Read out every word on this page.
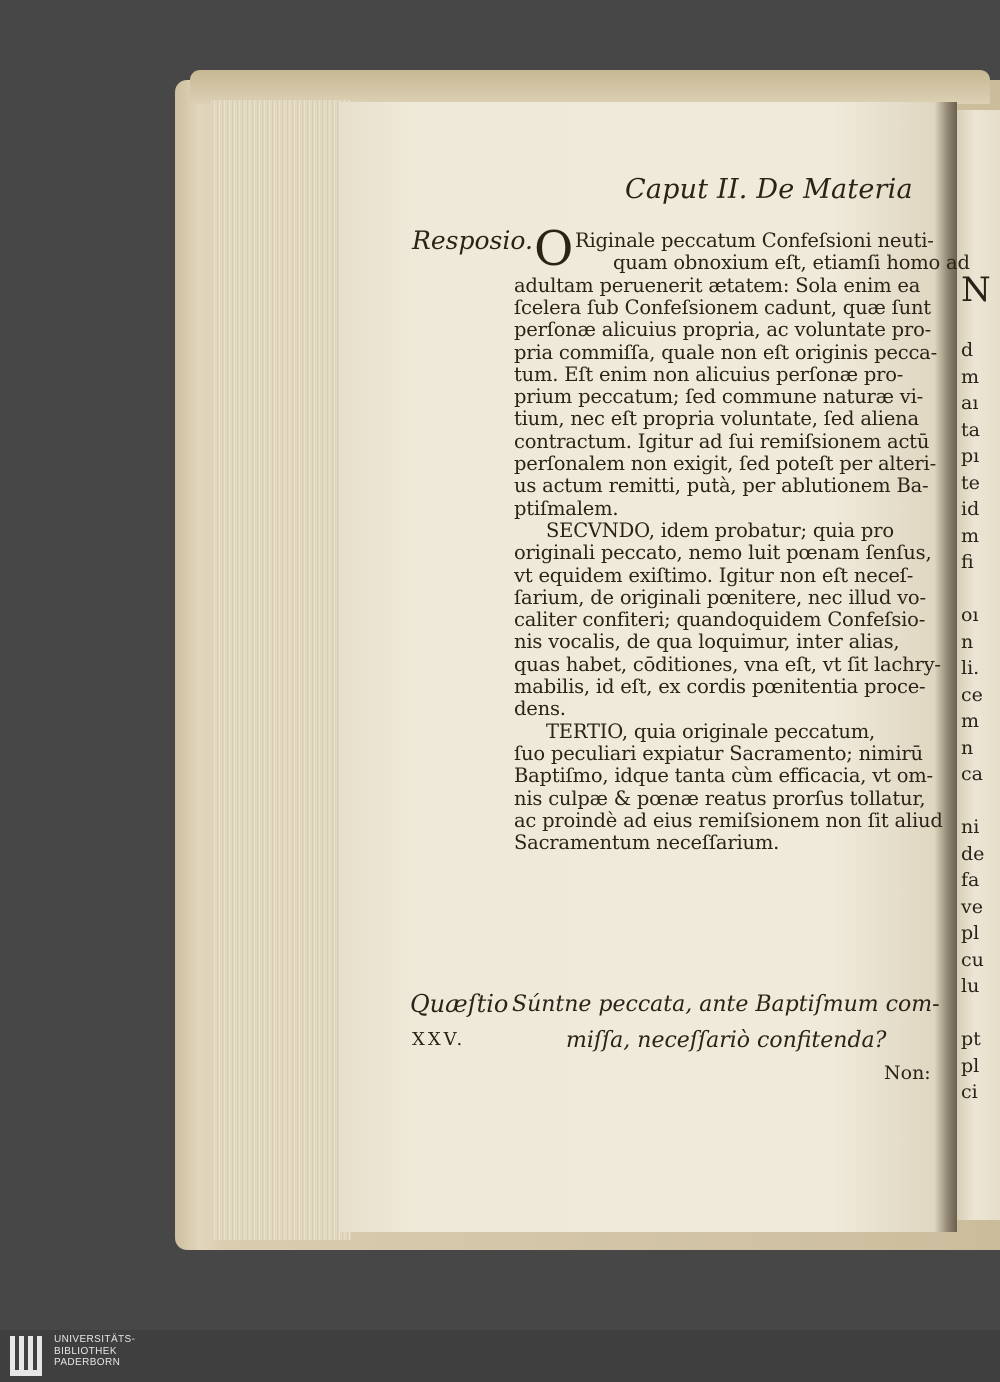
N
d
m
aı
ta
pı
te
id
m
fi
oı
n
li.
ce
m
n
ca
ni
de
fa
ve
pl
cu
lu
pt
pl
ci
Caput II. De Materia
Resposio. O Riginale peccatum Confeſsioni neuti-
quam obnoxium eſt, etiamſi homo ad
adultam peruenerit ætatem: Sola enim ea
ſcelera ſub Confeſsionem cadunt, quæ ſunt
perſonæ alicuius propria, ac voluntate pro-
pria commiſſa, quale non eſt originis pecca-
tum. Eſt enim non alicuius perſonæ pro-
prium peccatum; ſed commune naturæ vi-
tium, nec eſt propria voluntate, ſed aliena
contractum. Igitur ad ſui remiſsionem actū
perſonalem non exigit, ſed poteſt per alteri-
us actum remitti, putà, per ablutionem Ba-
ptiſmalem.
SECVNDO, idem probatur; quia pro
originali peccato, nemo luit pœnam ſenſus,
vt equidem exiſtimo. Igitur non eſt neceſ-
ſarium, de originali pœnitere, nec illud vo-
caliter confiteri; quandoquidem Confeſsio-
nis vocalis, de qua loquimur, inter alias,
quas habet, cōditiones, vna eſt, vt ſit lachry-
mabilis, id eſt, ex cordis pœnitentia proce-
dens.
TERTIO, quia originale peccatum,
ſuo peculiari expiatur Sacramento; nimirū
Baptiſmo, idque tanta cùm efficacia, vt om-
nis culpæ & pœnæ reatus prorſus tollatur,
ac proindè ad eius remiſsionem non ſit aliud
Sacramentum neceſſarium.
Quæſtio
XXV.
Súntne peccata, ante Baptiſmum com-
miſſa, neceſſariò confitenda?
Non:
UNIVERSITÄTS-
BIBLIOTHEK
PADERBORN
